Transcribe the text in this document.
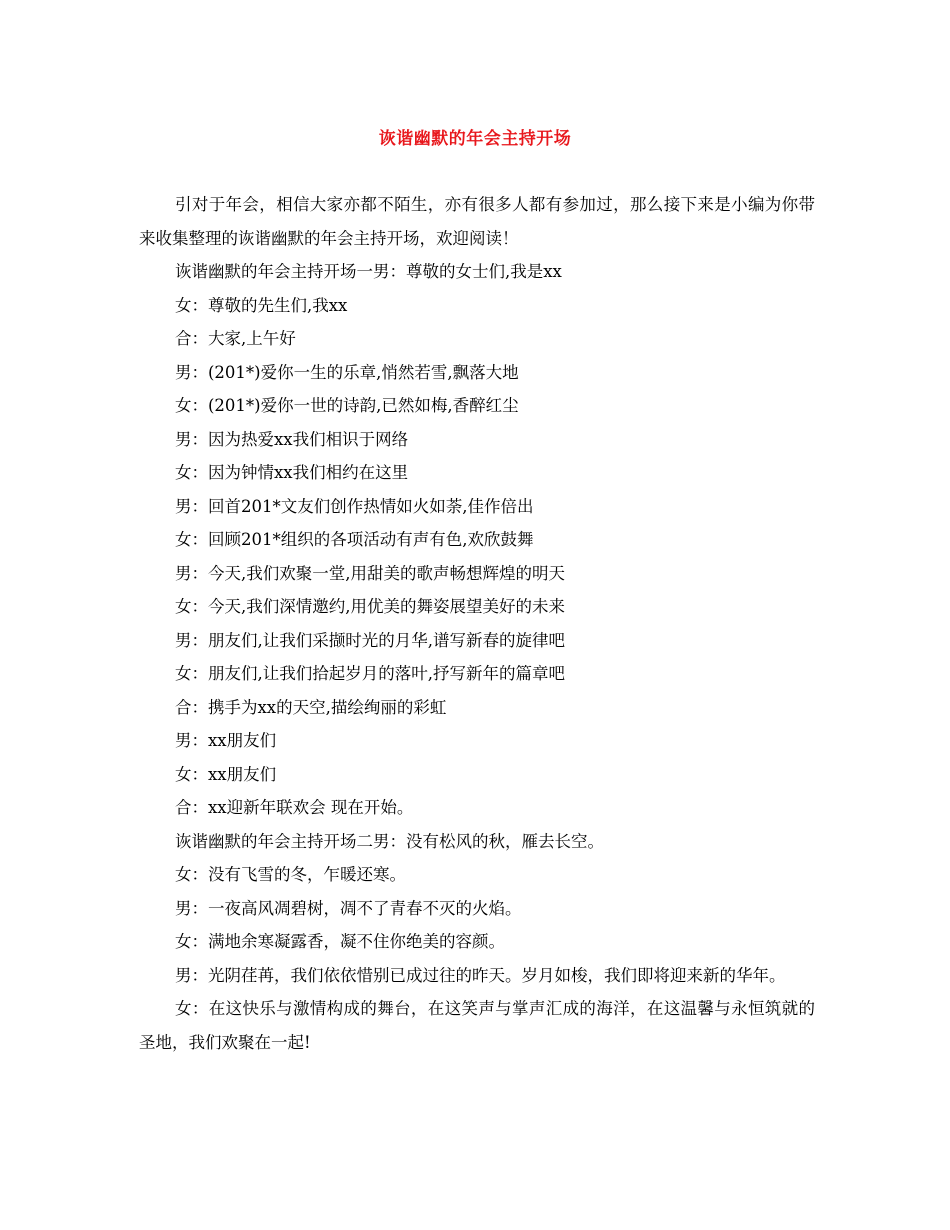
诙谐幽默的年会主持开场

引对于年会，相信大家亦都不陌生，亦有很多人都有参加过，那么接下来是小编为你带来收集整理的诙谐幽默的年会主持开场，欢迎阅读！

诙谐幽默的年会主持开场一男：尊敬的女士们,我是xx

女：尊敬的先生们,我xx

合：大家,上午好

男：(201*)爱你一生的乐章,悄然若雪,飘落大地

女：(201*)爱你一世的诗韵,已然如梅,香醉红尘

男：因为热爱xx我们相识于网络

女：因为钟情xx我们相约在这里

男：回首201*文友们创作热情如火如荼,佳作倍出

女：回顾201*组织的各项活动有声有色,欢欣鼓舞

男：今天,我们欢聚一堂,用甜美的歌声畅想辉煌的明天

女：今天,我们深情邀约,用优美的舞姿展望美好的未来

男：朋友们,让我们采撷时光的月华,谱写新春的旋律吧

女：朋友们,让我们拾起岁月的落叶,抒写新年的篇章吧

合：携手为xx的天空,描绘绚丽的彩虹

男：xx朋友们

女：xx朋友们

合：xx迎新年联欢会 现在开始。

诙谐幽默的年会主持开场二男：没有松风的秋，雁去长空。

女：没有飞雪的冬，乍暖还寒。

男：一夜高风凋碧树，凋不了青春不灭的火焰。

女：满地余寒凝露香，凝不住你绝美的容颜。

男：光阴荏苒，我们依依惜别已成过往的昨天。岁月如梭，我们即将迎来新的华年。

女：在这快乐与激情构成的舞台，在这笑声与掌声汇成的海洋，在这温馨与永恒筑就的圣地，我们欢聚在一起!
